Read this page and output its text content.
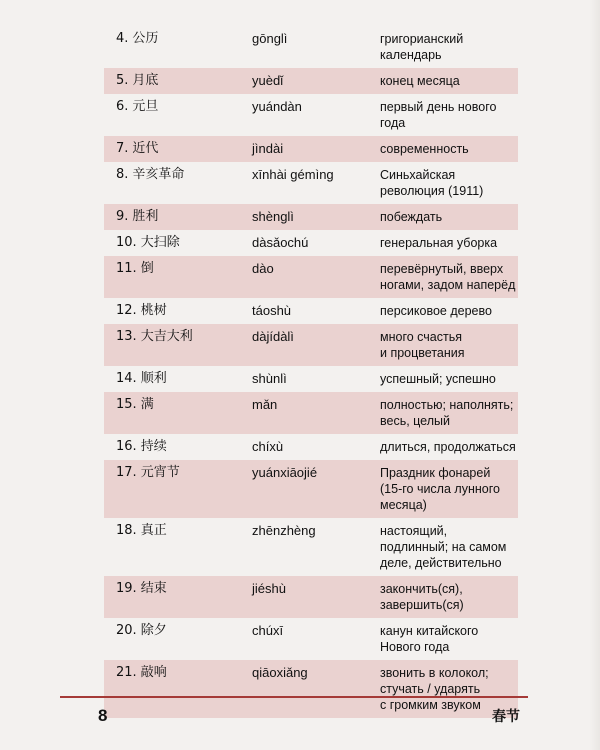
4. 公历	gōnglì	григорианский
календарь
5. 月底	yuèdǐ	конец месяца
6. 元旦	yuándàn	первый день нового
года
7. 近代	jìndài	современность
8. 辛亥革命	xīnhài gémìng	Синьхайская
революция (1911)
9. 胜利	shènglì	побеждать
10. 大扫除	dàsǎochú	генеральная уборка
11. 倒	dào	перевёрнутый, вверх
ногами, задом наперёд
12. 桃树	táoshù	персиковое дерево
13. 大吉大利	dàjídàlì	много счастья
и процветания
14. 顺利	shùnlì	успешный; успешно
15. 满	mǎn	полностью; наполнять;
весь, целый
16. 持续	chíxù	длиться, продолжаться
17. 元宵节	yuánxiāojié	Праздник фонарей
(15-го числа лунного
месяца)
18. 真正	zhēnzhèng	настоящий,
подлинный; на самом
деле, действительно
19. 结束	jiéshù	закончить(ся),
завершить(ся)
20. 除夕	chúxī	канун китайского
Нового года
21. 敲响	qiāoxiǎng	звонить в колокол;
стучать / ударять
с громким звуком
8	春节
